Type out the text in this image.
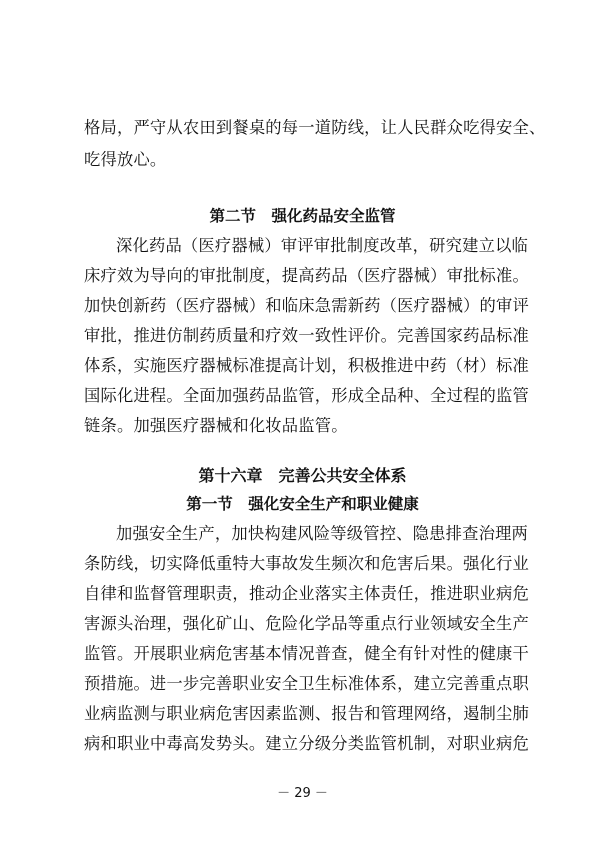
格局，严守从农田到餐桌的每一道防线，让人民群众吃得安全、
吃得放心。
第二节　强化药品安全监管
深化药品（医疗器械）审评审批制度改革，研究建立以临
床疗效为导向的审批制度，提高药品（医疗器械）审批标准。
加快创新药（医疗器械）和临床急需新药（医疗器械）的审评
审批，推进仿制药质量和疗效一致性评价。完善国家药品标准
体系，实施医疗器械标准提高计划，积极推进中药（材）标准
国际化进程。全面加强药品监管，形成全品种、全过程的监管
链条。加强医疗器械和化妆品监管。
第十六章　完善公共安全体系
第一节　强化安全生产和职业健康
加强安全生产，加快构建风险等级管控、隐患排查治理两
条防线，切实降低重特大事故发生频次和危害后果。强化行业
自律和监督管理职责，推动企业落实主体责任，推进职业病危
害源头治理，强化矿山、危险化学品等重点行业领域安全生产
监管。开展职业病危害基本情况普查，健全有针对性的健康干
预措施。进一步完善职业安全卫生标准体系，建立完善重点职
业病监测与职业病危害因素监测、报告和管理网络，遏制尘肺
病和职业中毒高发势头。建立分级分类监管机制，对职业病危
－ 29 －
